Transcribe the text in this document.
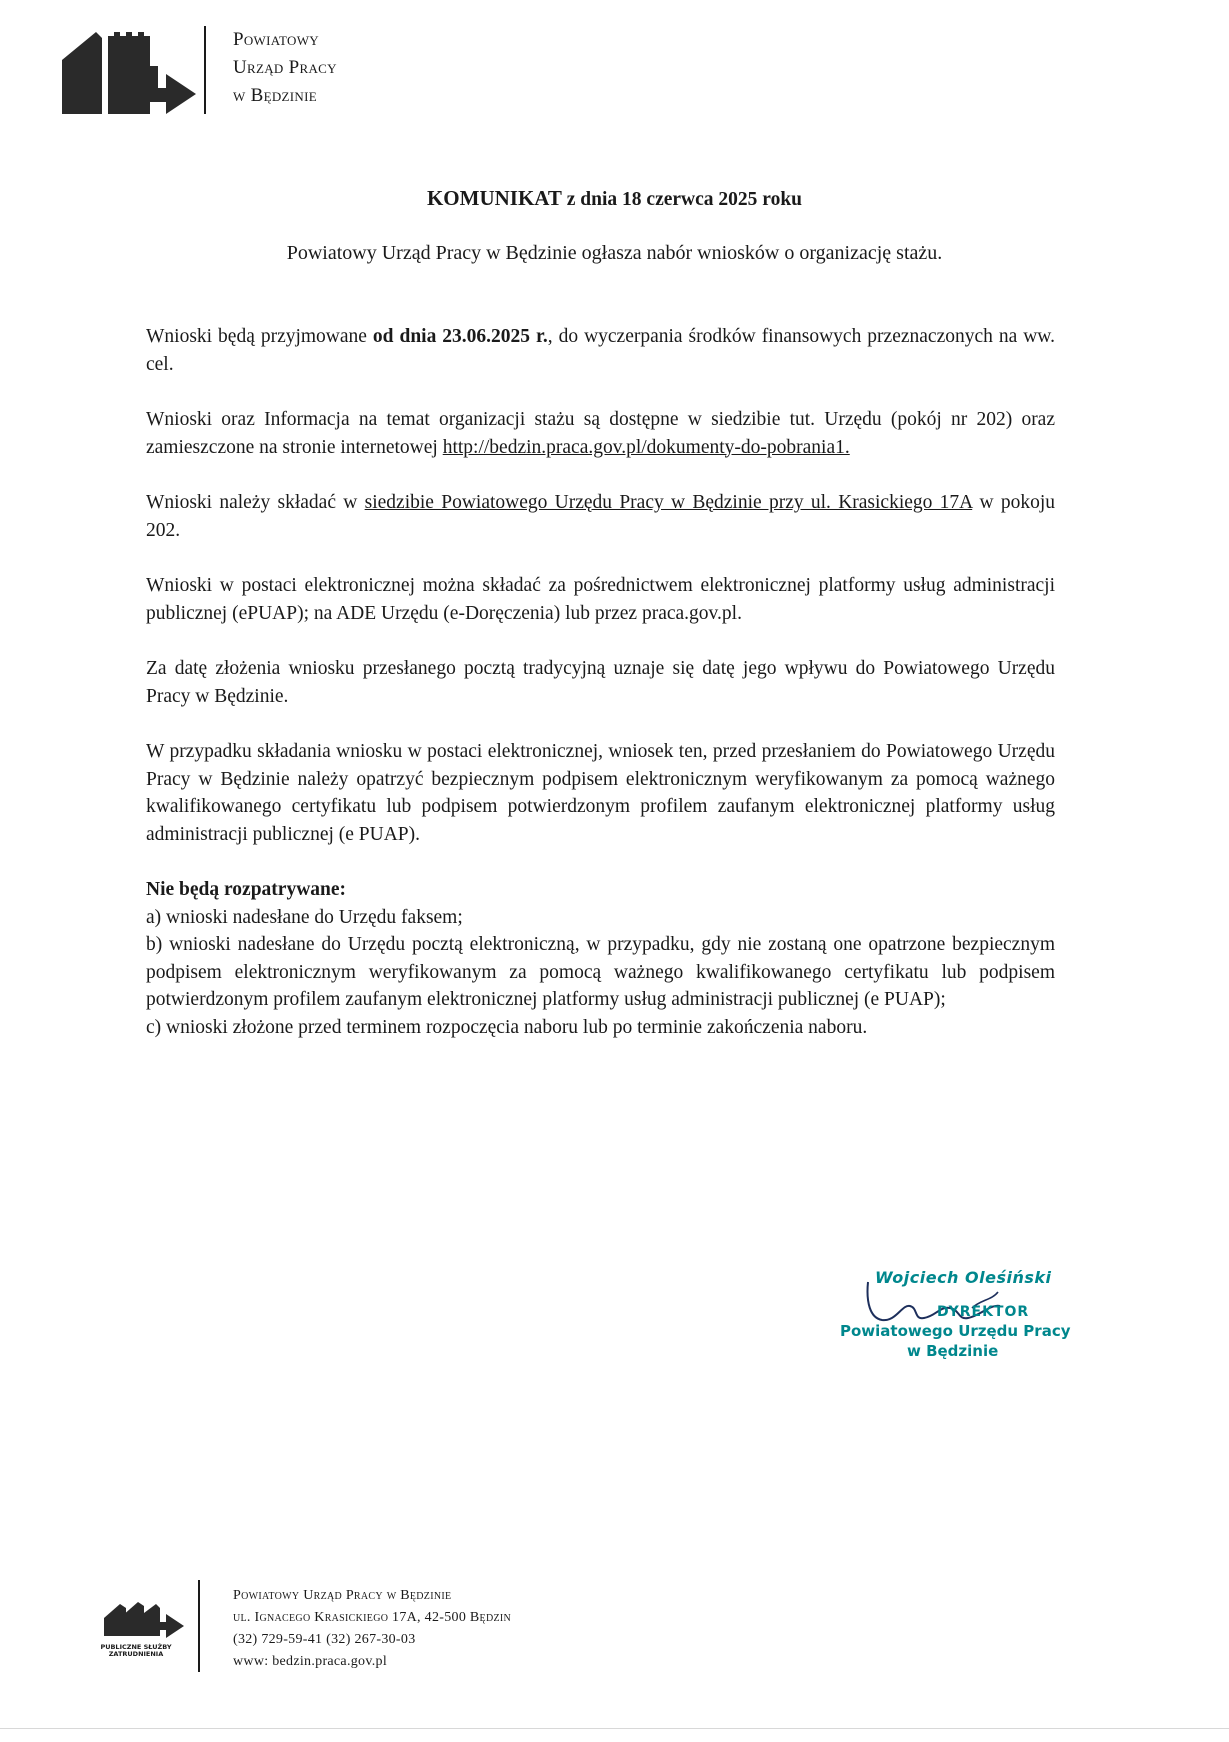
Powiatowy
Urząd Pracy
w Będzinie
KOMUNIKAT z dnia 18 czerwca 2025 roku
Powiatowy Urząd Pracy w Będzinie ogłasza nabór wniosków o organizację stażu.

Wnioski będą przyjmowane od dnia 23.06.2025 r., do wyczerpania środków finansowych przeznaczonych na ww. cel.

Wnioski oraz Informacja na temat organizacji stażu są dostępne w siedzibie tut. Urzędu (pokój nr 202) oraz zamieszczone na stronie internetowej http://bedzin.praca.gov.pl/dokumenty-do-pobrania1.

Wnioski należy składać w siedzibie Powiatowego Urzędu Pracy w Będzinie przy ul. Krasickiego 17A w pokoju 202.

Wnioski w postaci elektronicznej można składać za pośrednictwem elektronicznej platformy usług administracji publicznej (ePUAP); na ADE Urzędu (e-Doręczenia) lub przez praca.gov.pl.

Za datę złożenia wniosku przesłanego pocztą tradycyjną uznaje się datę jego wpływu do Powiatowego Urzędu Pracy w Będzinie.

W przypadku składania wniosku w postaci elektronicznej, wniosek ten, przed przesłaniem do Powiatowego Urzędu Pracy w Będzinie należy opatrzyć bezpiecznym podpisem elektronicznym weryfikowanym za pomocą ważnego kwalifikowanego certyfikatu lub podpisem potwierdzonym profilem zaufanym elektronicznej platformy usług administracji publicznej (e PUAP).

Nie będą rozpatrywane:

a) wnioski nadesłane do Urzędu faksem;

b) wnioski nadesłane do Urzędu pocztą elektroniczną, w przypadku, gdy nie zostaną one opatrzone bezpiecznym podpisem elektronicznym weryfikowanym za pomocą ważnego kwalifikowanego certyfikatu lub podpisem potwierdzonym profilem zaufanym elektronicznej platformy usług administracji publicznej (e PUAP);

c) wnioski złożone przed terminem rozpoczęcia naboru lub po terminie zakończenia naboru.

Wojciech Oleśiński
DYREKTOR
Powiatowego Urzędu Pracy
w Będzinie
PUBLICZNE SŁUŻBY ZATRUDNIENIA
Powiatowy Urząd Pracy w Będzinie
ul. Ignacego Krasickiego 17A, 42-500 Będzin
(32) 729-59-41 (32) 267-30-03
www: bedzin.praca.gov.pl
